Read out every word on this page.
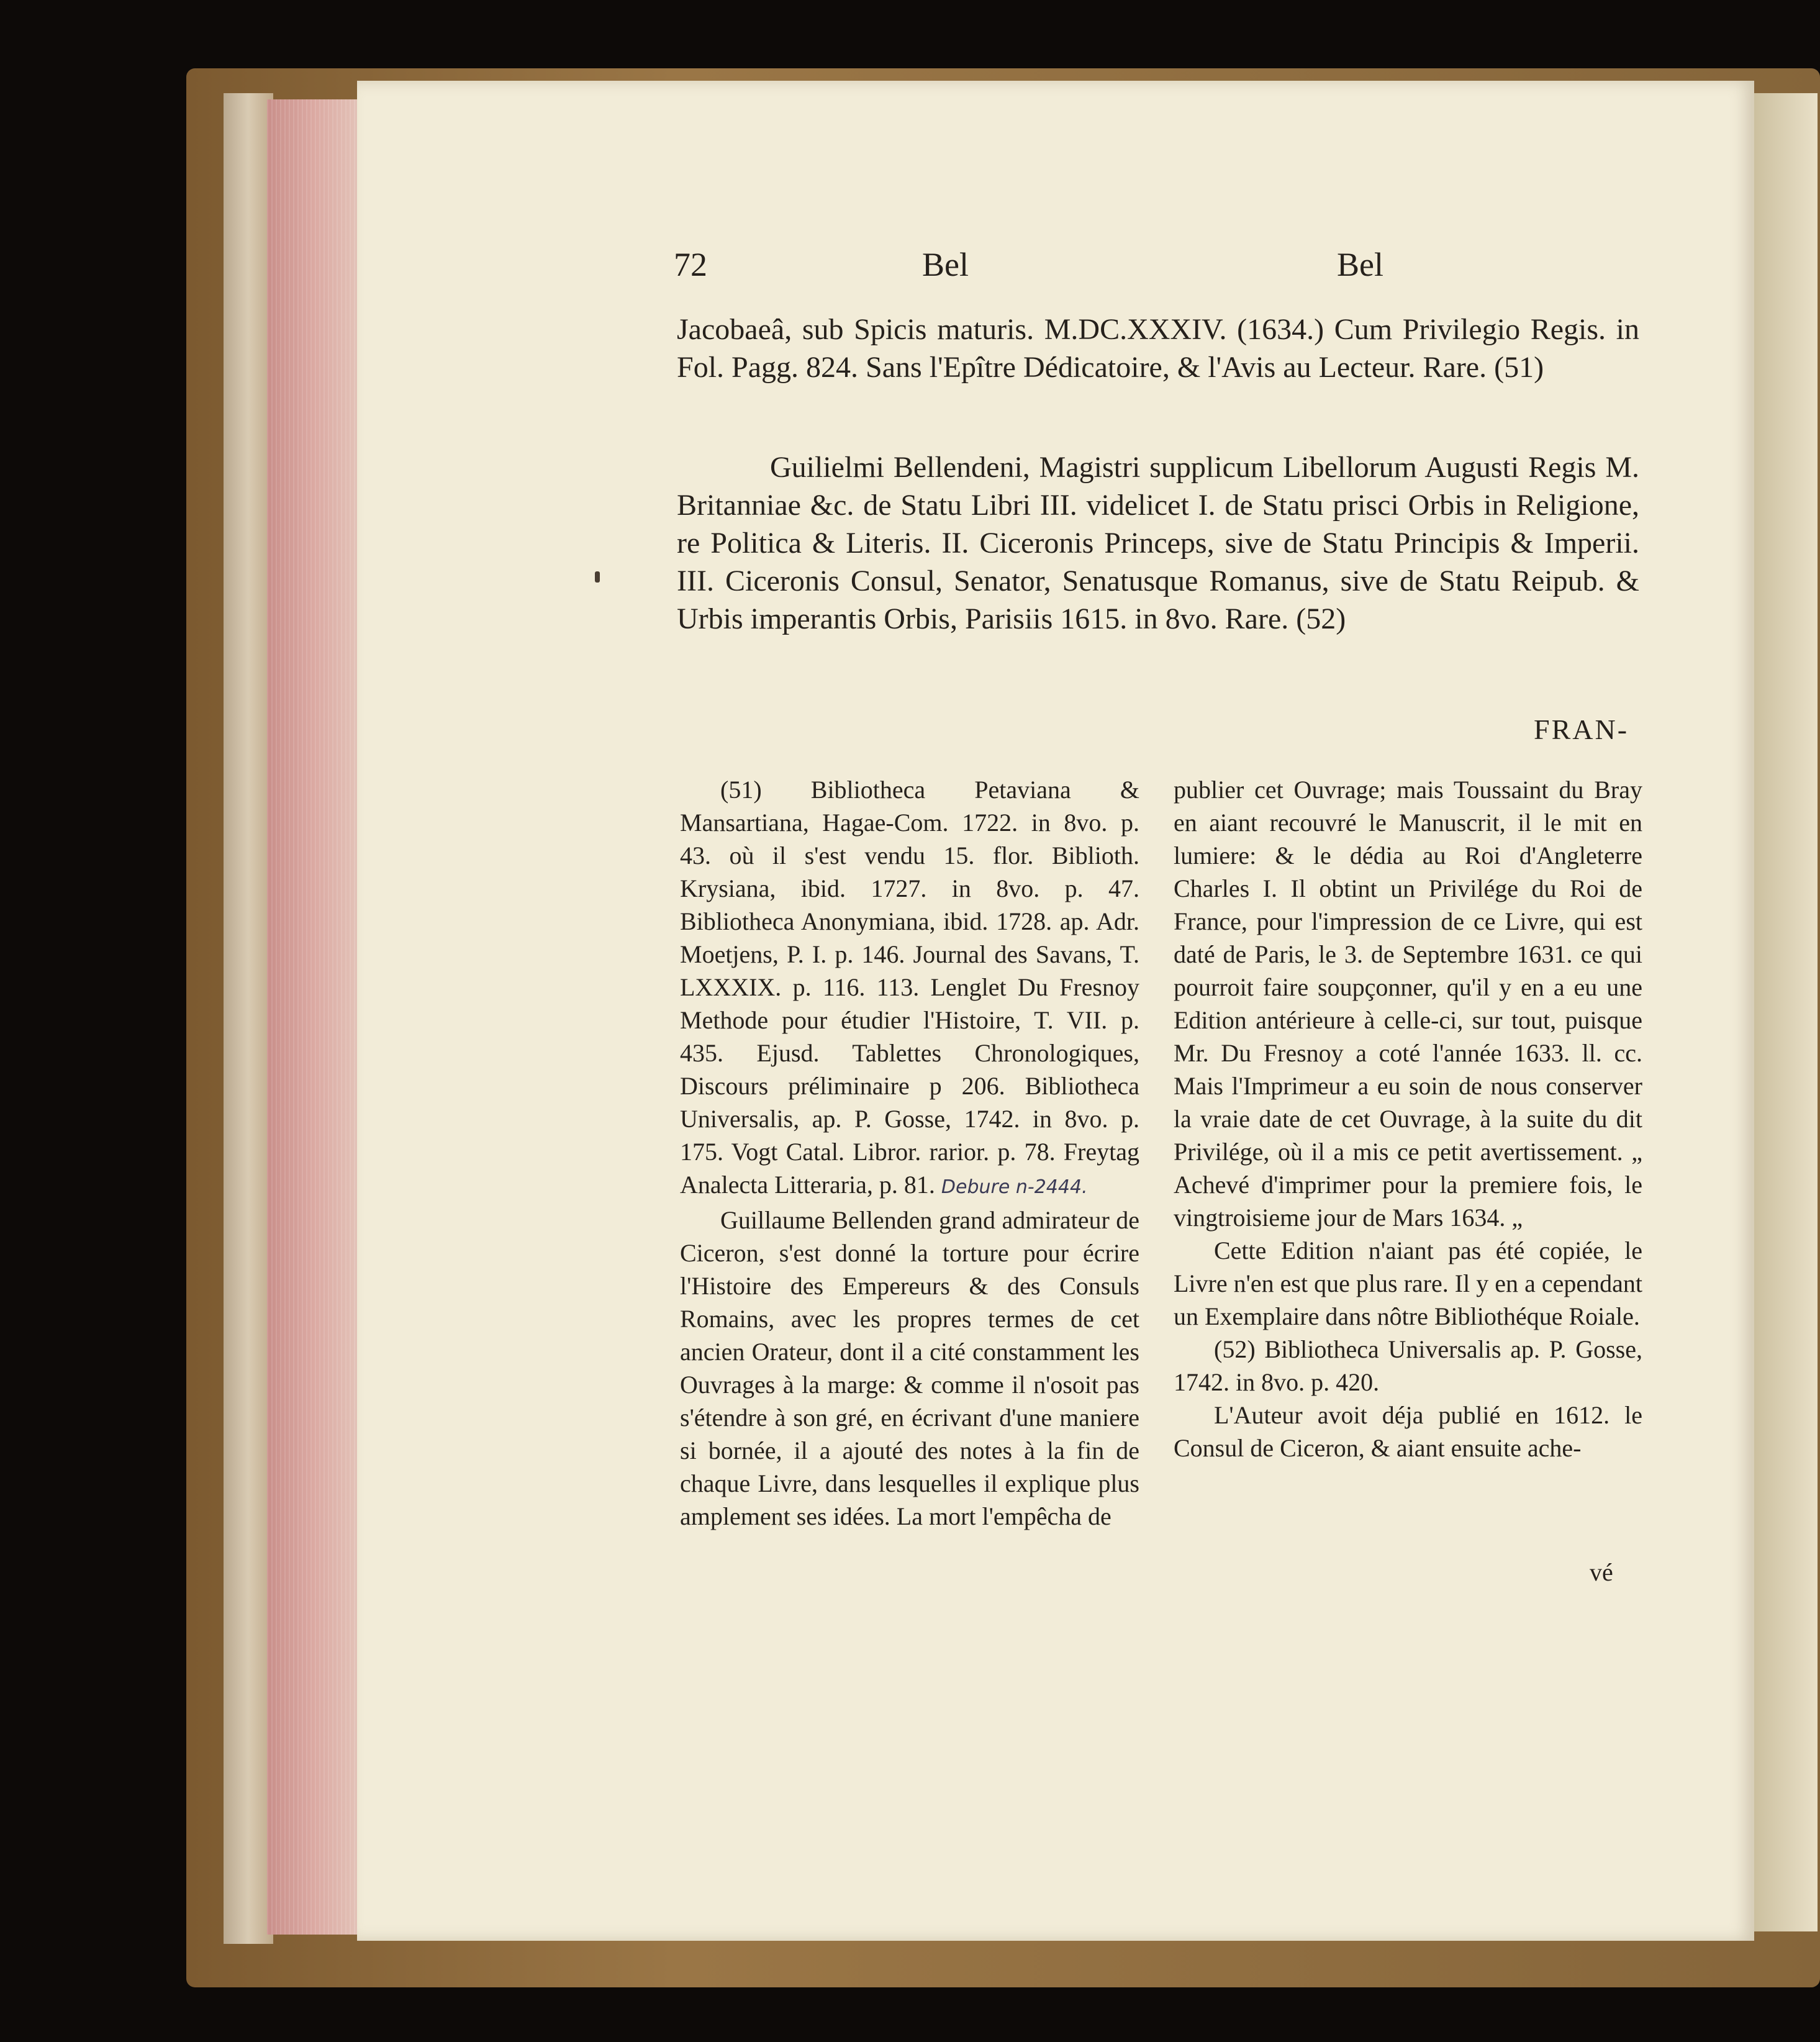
72	Bel	Bel
Jacobaeâ, sub Spicis maturis. M.DC.XXXIV. (1634.) Cum Privilegio Regis. in Fol. Pagg. 824. Sans l'Epître Dédicatoire, & l'Avis au Lecteur. Rare. (51)
Guilielmi Bellendeni, Magistri supplicum Libellorum Augusti Regis M. Britanniae &c. de Statu Libri III. videlicet I. de Statu prisci Orbis in Religione, re Politica & Literis. II. Ciceronis Princeps, sive de Statu Principis & Imperii. III. Ciceronis Consul, Senator, Senatusque Romanus, sive de Statu Reipub. & Urbis imperantis Orbis, Parisiis 1615. in 8vo. Rare. (52)
FRAN-

(51) Bibliotheca Petaviana & Mansartiana, Hagae-Com. 1722. in 8vo. p. 43. où il s'est vendu 15. flor. Biblioth. Krysiana, ibid. 1727. in 8vo. p. 47. Bibliotheca Anonymiana, ibid. 1728. ap. Adr. Moetjens, P. I. p. 146. Journal des Savans, T. LXXXIX. p. 116. 113. Lenglet Du Fresnoy Methode pour étudier l'Histoire, T. VII. p. 435. Ejusd. Tablettes Chronologiques, Discours préliminaire p 206. Bibliotheca Universalis, ap. P. Gosse, 1742. in 8vo. p. 175. Vogt Catal. Libror. rarior. p. 78. Freytag Analecta Litteraria, p. 81. Debure n-2444.

Guillaume Bellenden grand admirateur de Ciceron, s'est donné la torture pour écrire l'Histoire des Empereurs & des Consuls Romains, avec les propres termes de cet ancien Orateur, dont il a cité constamment les Ouvrages à la marge: & comme il n'osoit pas s'étendre à son gré, en écrivant d'une maniere si bornée, il a ajouté des notes à la fin de chaque Livre, dans lesquelles il explique plus amplement ses idées. La mort l'empêcha de

publier cet Ouvrage; mais Toussaint du Bray en aiant recouvré le Manuscrit, il le mit en lumiere: & le dédia au Roi d'Angleterre Charles I. Il obtint un Privilége du Roi de France, pour l'impression de ce Livre, qui est daté de Paris, le 3. de Septembre 1631. ce qui pourroit faire soupçonner, qu'il y en a eu une Edition antérieure à celle-ci, sur tout, puisque Mr. Du Fresnoy a coté l'année 1633. ll. cc. Mais l'Imprimeur a eu soin de nous conserver la vraie date de cet Ouvrage, à la suite du dit Privilége, où il a mis ce petit avertissement. „ Achevé d'imprimer pour la premiere fois, le vingtroisieme jour de Mars 1634. „

Cette Edition n'aiant pas été copiée, le Livre n'en est que plus rare. Il y en a cependant un Exemplaire dans nôtre Bibliothéque Roiale.

(52) Bibliotheca Universalis ap. P. Gosse, 1742. in 8vo. p. 420.

L'Auteur avoit déja publié en 1612. le Consul de Ciceron, & aiant ensuite ache-

vé
